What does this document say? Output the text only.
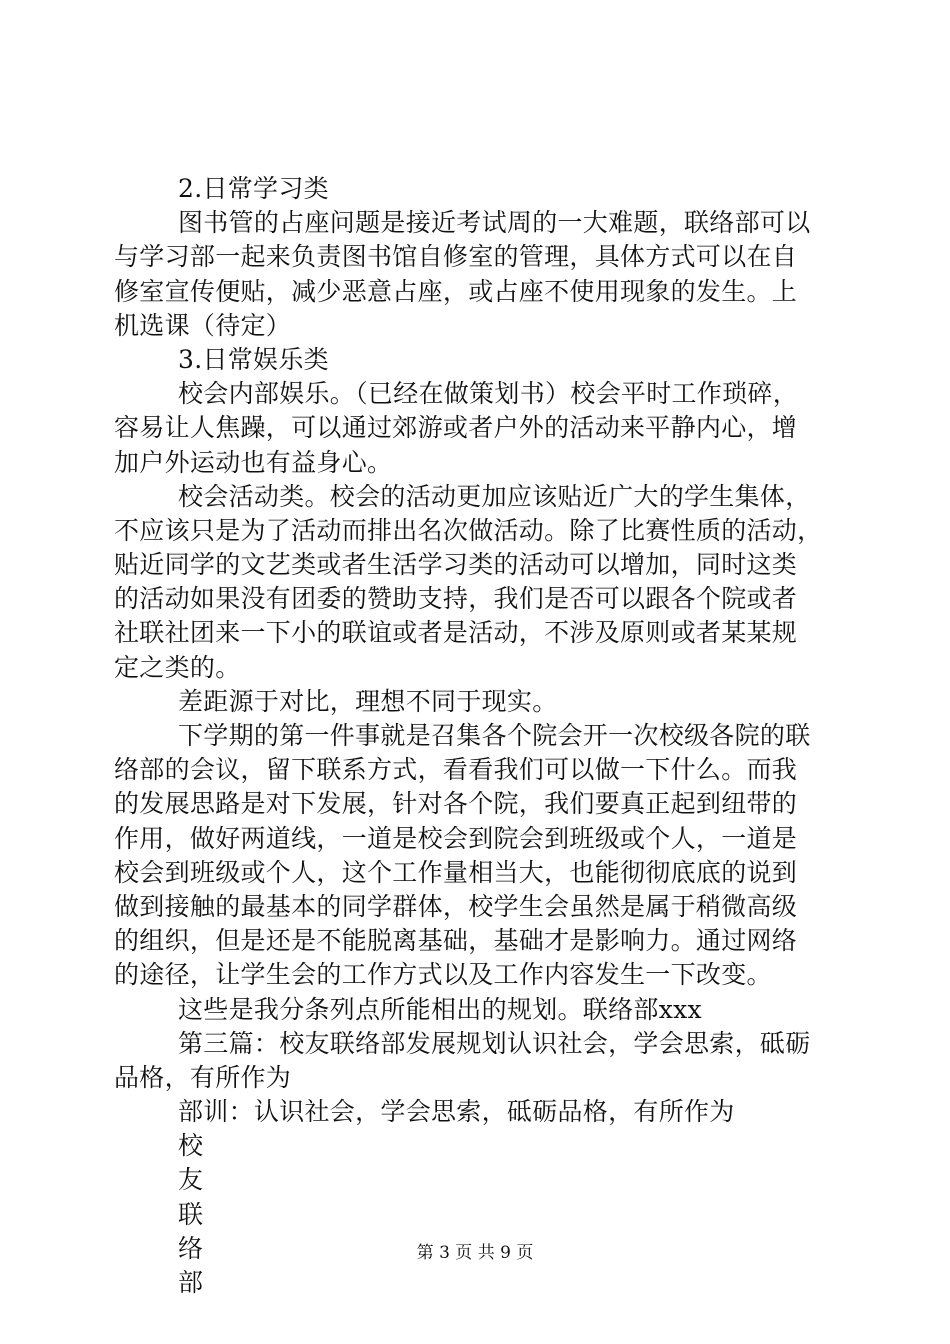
2.日常学习类
图书管的占座问题是接近考试周的一大难题，联络部可以
与学习部一起来负责图书馆自修室的管理，具体方式可以在自
修室宣传便贴，减少恶意占座，或占座不使用现象的发生。上
机选课（待定）
3.日常娱乐类
校会内部娱乐。（已经在做策划书）校会平时工作琐碎，
容易让人焦躁，可以通过郊游或者户外的活动来平静内心，增
加户外运动也有益身心。
校会活动类。校会的活动更加应该贴近广大的学生集体，
不应该只是为了活动而排出名次做活动。除了比赛性质的活动，
贴近同学的文艺类或者生活学习类的活动可以增加，同时这类
的活动如果没有团委的赞助支持，我们是否可以跟各个院或者
社联社团来一下小的联谊或者是活动，不涉及原则或者某某规
定之类的。
差距源于对比，理想不同于现实。
下学期的第一件事就是召集各个院会开一次校级各院的联
络部的会议，留下联系方式，看看我们可以做一下什么。而我
的发展思路是对下发展，针对各个院，我们要真正起到纽带的
作用，做好两道线，一道是校会到院会到班级或个人，一道是
校会到班级或个人，这个工作量相当大，也能彻彻底底的说到
做到接触的最基本的同学群体，校学生会虽然是属于稍微高级
的组织，但是还是不能脱离基础，基础才是影响力。通过网络
的途径，让学生会的工作方式以及工作内容发生一下改变。
这些是我分条列点所能相出的规划。联络部xxx
第三篇：校友联络部发展规划认识社会，学会思索，砥砺
品格，有所作为
部训：认识社会，学会思索，砥砺品格，有所作为
校
友
联
络
部
第 3 页 共 9 页
